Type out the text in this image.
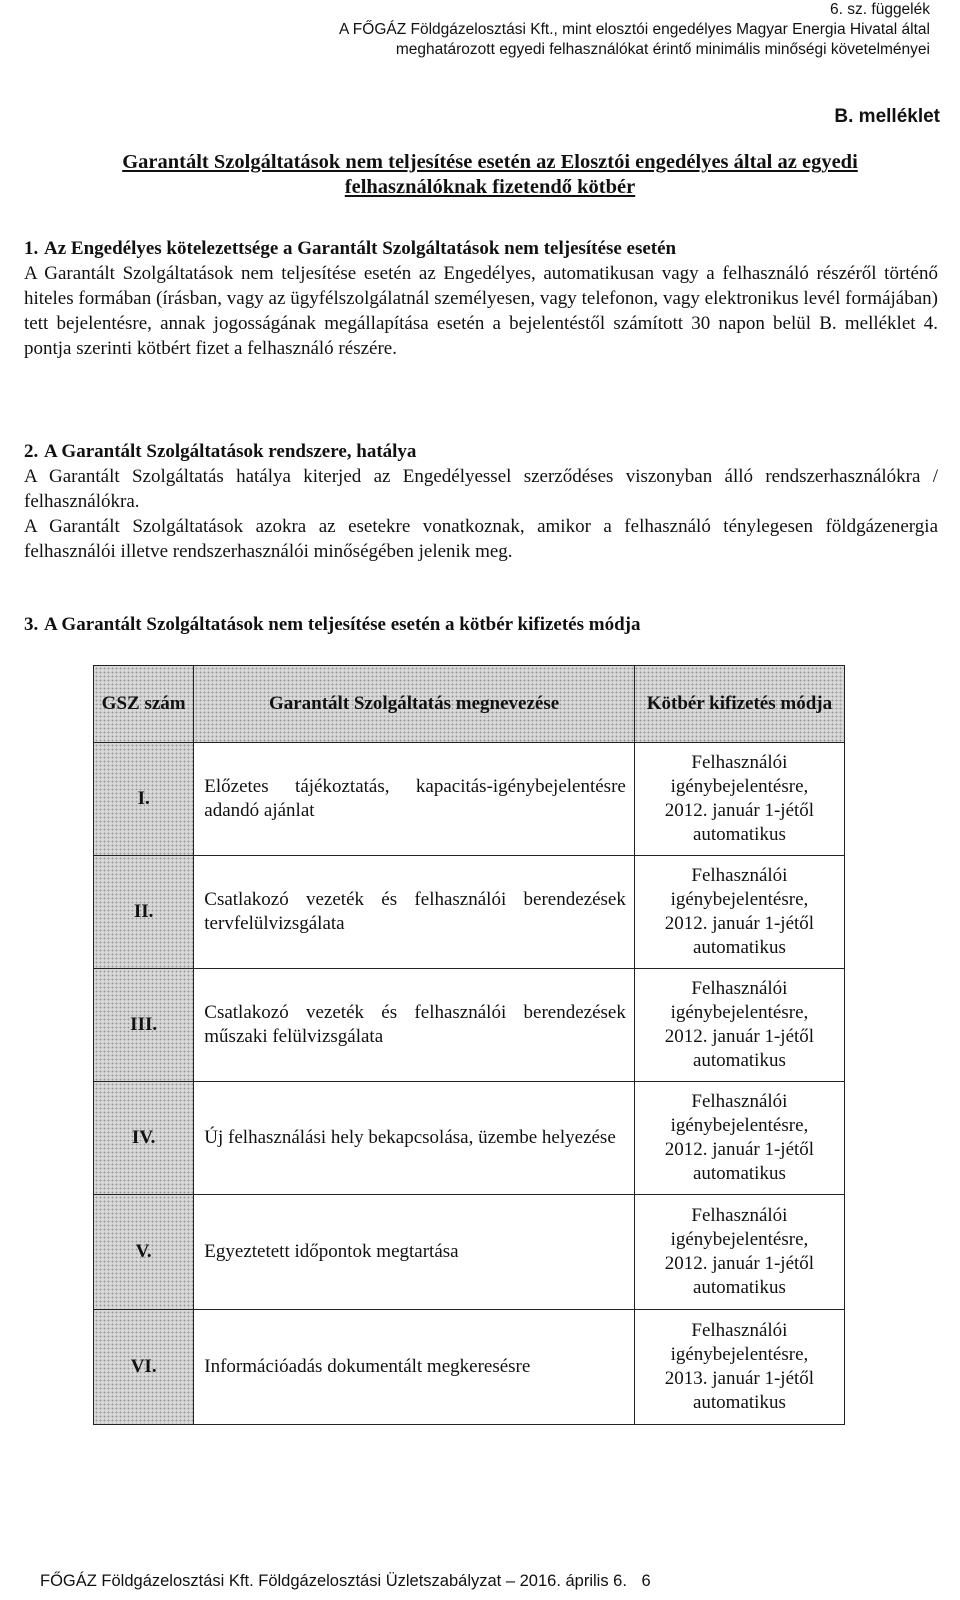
6. sz. függelék
A FŐGÁZ Földgázelosztási Kft., mint elosztói engedélyes Magyar Energia Hivatal által
meghatározott egyedi felhasználókat érintő minimális minőségi követelményei
B. melléklet
Garantált Szolgáltatások nem teljesítése esetén az Elosztói engedélyes által az egyedi
felhasználóknak fizetendő kötbér
1. Az Engedélyes kötelezettsége a Garantált Szolgáltatások nem teljesítése esetén
A Garantált Szolgáltatások nem teljesítése esetén az Engedélyes, automatikusan vagy a felhasználó részéről történő hiteles formában (írásban, vagy az ügyfélszolgálatnál személyesen, vagy telefonon, vagy elektronikus levél formájában) tett bejelentésre, annak jogosságának megállapítása esetén a bejelentéstől számított 30 napon belül B. melléklet 4. pontja szerinti kötbért fizet a felhasználó részére.
2. A Garantált Szolgáltatások rendszere, hatálya
A Garantált Szolgáltatás hatálya kiterjed az Engedélyessel szerződéses viszonyban álló rendszerhasználókra / felhasználókra.
A Garantált Szolgáltatások azokra az esetekre vonatkoznak, amikor a felhasználó ténylegesen földgázenergia felhasználói illetve rendszerhasználói minőségében jelenik meg.
3. A Garantált Szolgáltatások nem teljesítése esetén a kötbér kifizetés módja
GSZ szám	Garantált Szolgáltatás megnevezése	Kötbér kifizetés módja
I.	Előzetes tájékoztatás, kapacitás-igénybejelentésre adandó ajánlat	Felhasználói
igénybejelentésre,
2012. január 1-jétől
automatikus

II.	Csatlakozó vezeték és felhasználói berendezések tervfelülvizsgálata	Felhasználói
igénybejelentésre,
2012. január 1-jétől
automatikus

III.	Csatlakozó vezeték és felhasználói berendezések műszaki felülvizsgálata	Felhasználói
igénybejelentésre,
2012. január 1-jétől
automatikus

IV.	Új felhasználási hely bekapcsolása, üzembe helyezése	Felhasználói
igénybejelentésre,
2012. január 1-jétől
automatikus

V.	Egyeztetett időpontok megtartása	Felhasználói
igénybejelentésre,
2012. január 1-jétől
automatikus

VI.	Információadás dokumentált megkeresésre	Felhasználói
igénybejelentésre,
2013. január 1-jétől
automatikus
FŐGÁZ Földgázelosztási Kft. Földgázelosztási Üzletszabályzat – 2016. április 6. 6
